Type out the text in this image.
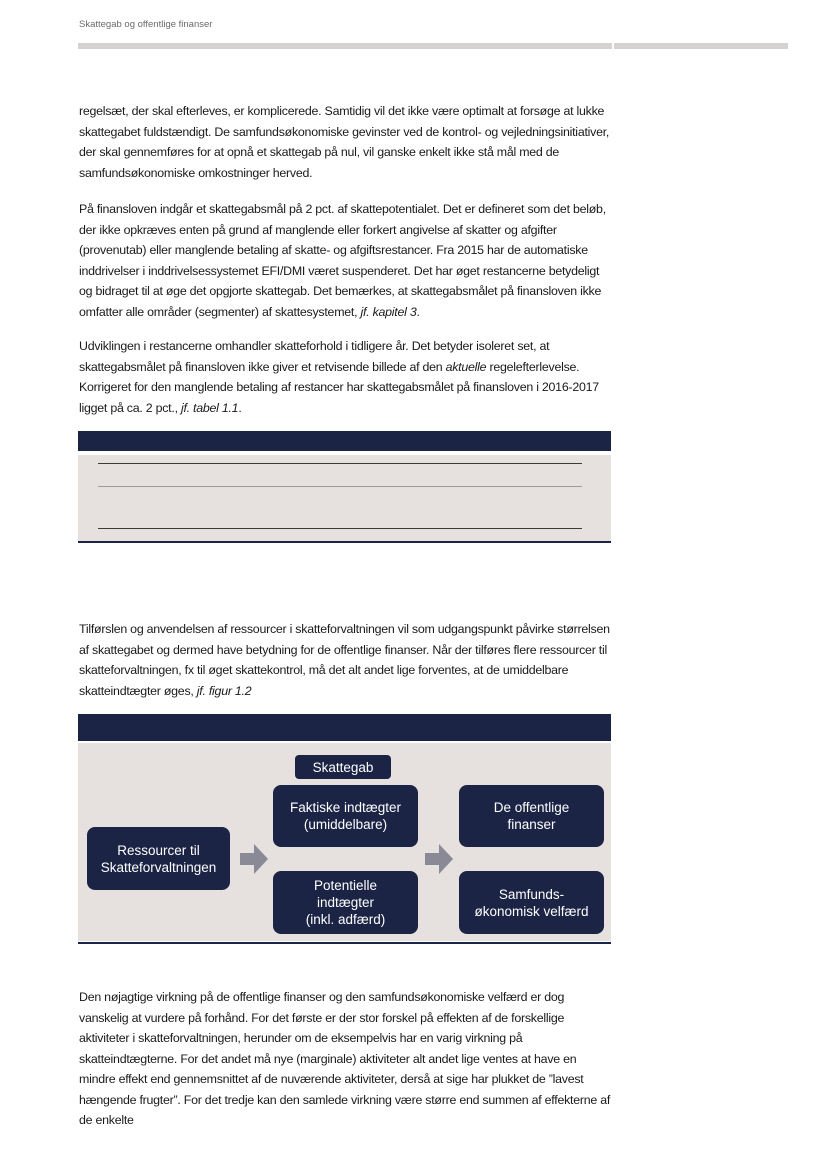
Skattegab og offentlige finanser

regelsæt, der skal efterleves, er komplicerede. Samtidig vil det ikke være optimalt at forsøge at lukke skattegabet fuldstændigt. De samfundsøkonomiske gevinster ved de kontrol- og vejledningsinitiativer, der skal gennemføres for at opnå et skattegab på nul, vil ganske enkelt ikke stå mål med de samfundsøkonomiske omkostninger herved.

På finansloven indgår et skattegabsmål på 2 pct. af skattepotentialet. Det er defineret som det beløb, der ikke opkræves enten på grund af manglende eller forkert angivelse af skatter og afgifter (provenutab) eller manglende betaling af skatte- og afgiftsrestancer. Fra 2015 har de automatiske inddrivelser i inddrivelsessystemet EFI/DMI været suspenderet. Det har øget restancerne betydeligt og bidraget til at øge det opgjorte skattegab. Det bemærkes, at skattegabsmålet på finansloven ikke omfatter alle områder (segmenter) af skattesystemet, jf. kapitel 3.

Udviklingen i restancerne omhandler skatteforhold i tidligere år. Det betyder isoleret set, at skattegabsmålet på finansloven ikke giver et retvisende billede af den aktuelle regelefterlevelse. Korrigeret for den manglende betaling af restancer har skattegabsmålet på finansloven i 2016-2017 ligget på ca. 2 pct., jf. tabel 1.1.

Tilførslen og anvendelsen af ressourcer i skatteforvaltningen vil som udgangspunkt påvirke størrelsen af skattegabet og dermed have betydning for de offentlige finanser. Når der tilføres flere ressourcer til skatteforvaltningen, fx til øget skattekontrol, må det alt andet lige forventes, at de umiddelbare skatteindtægter øges, jf. figur 1.2

Skattegab
Ressourcer til
Skatteforvaltningen
Faktiske indtægter
(umiddelbare)
Potentielle
indtægter
(inkl. adfærd)
De offentlige
finanser
Samfunds-
økonomisk velfærd

Den nøjagtige virkning på de offentlige finanser og den samfundsøkonomiske velfærd er dog vanskelig at vurdere på forhånd. For det første er der stor forskel på effekten af de forskellige aktiviteter i skatteforvaltningen, herunder om de eksempelvis har en varig virkning på skatteindtægterne. For det andet må nye (marginale) aktiviteter alt andet lige ventes at have en mindre effekt end gennemsnittet af de nuværende aktiviteter, derså at sige har plukket de ”lavest hængende frugter”. For det tredje kan den samlede virkning være større end summen af effekterne af de enkelte
